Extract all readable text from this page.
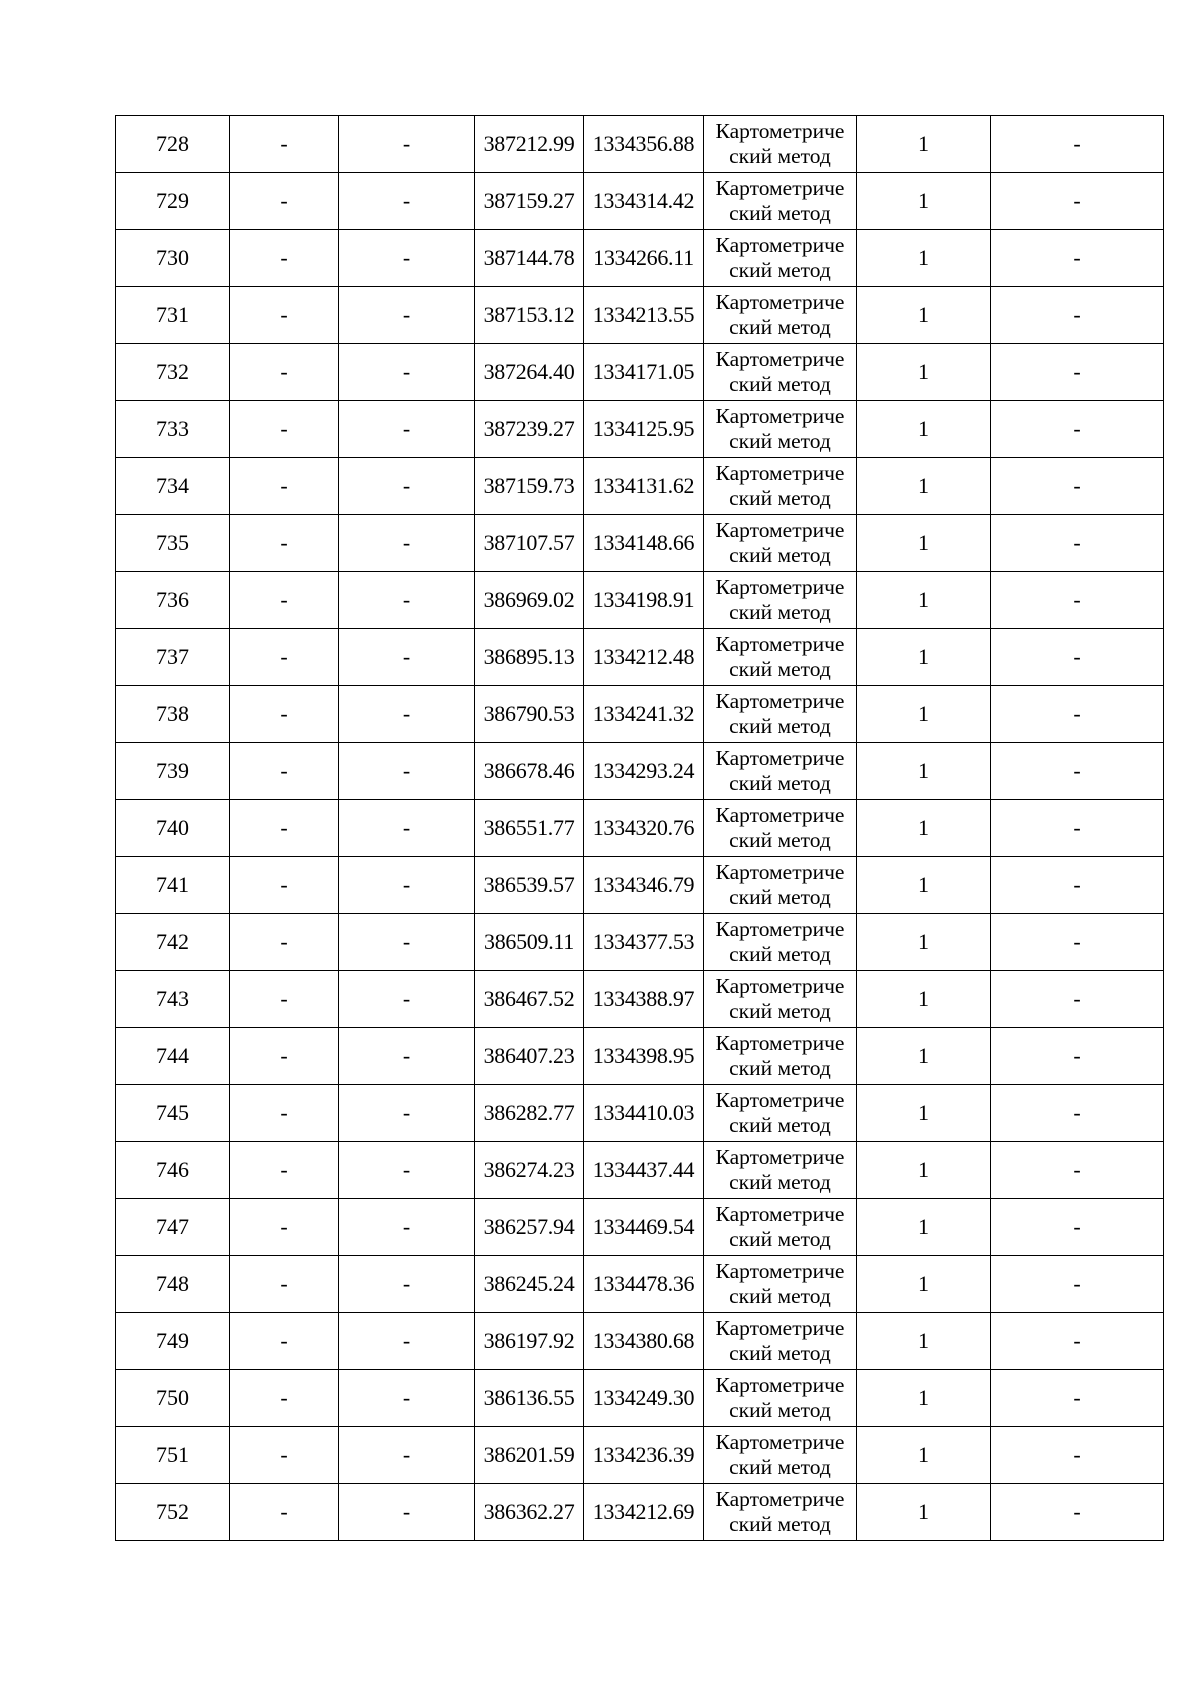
728	-	-	387212.99	1334356.88	Картометриче
ский метод	1	-
729	-	-	387159.27	1334314.42	Картометриче
ский метод	1	-
730	-	-	387144.78	1334266.11	Картометриче
ский метод	1	-
731	-	-	387153.12	1334213.55	Картометриче
ский метод	1	-
732	-	-	387264.40	1334171.05	Картометриче
ский метод	1	-
733	-	-	387239.27	1334125.95	Картометриче
ский метод	1	-
734	-	-	387159.73	1334131.62	Картометриче
ский метод	1	-
735	-	-	387107.57	1334148.66	Картометриче
ский метод	1	-
736	-	-	386969.02	1334198.91	Картометриче
ский метод	1	-
737	-	-	386895.13	1334212.48	Картометриче
ский метод	1	-
738	-	-	386790.53	1334241.32	Картометриче
ский метод	1	-
739	-	-	386678.46	1334293.24	Картометриче
ский метод	1	-
740	-	-	386551.77	1334320.76	Картометриче
ский метод	1	-
741	-	-	386539.57	1334346.79	Картометриче
ский метод	1	-
742	-	-	386509.11	1334377.53	Картометриче
ский метод	1	-
743	-	-	386467.52	1334388.97	Картометриче
ский метод	1	-
744	-	-	386407.23	1334398.95	Картометриче
ский метод	1	-
745	-	-	386282.77	1334410.03	Картометриче
ский метод	1	-
746	-	-	386274.23	1334437.44	Картометриче
ский метод	1	-
747	-	-	386257.94	1334469.54	Картометриче
ский метод	1	-
748	-	-	386245.24	1334478.36	Картометриче
ский метод	1	-
749	-	-	386197.92	1334380.68	Картометриче
ский метод	1	-
750	-	-	386136.55	1334249.30	Картометриче
ский метод	1	-
751	-	-	386201.59	1334236.39	Картометриче
ский метод	1	-
752	-	-	386362.27	1334212.69	Картометриче
ский метод	1	-
